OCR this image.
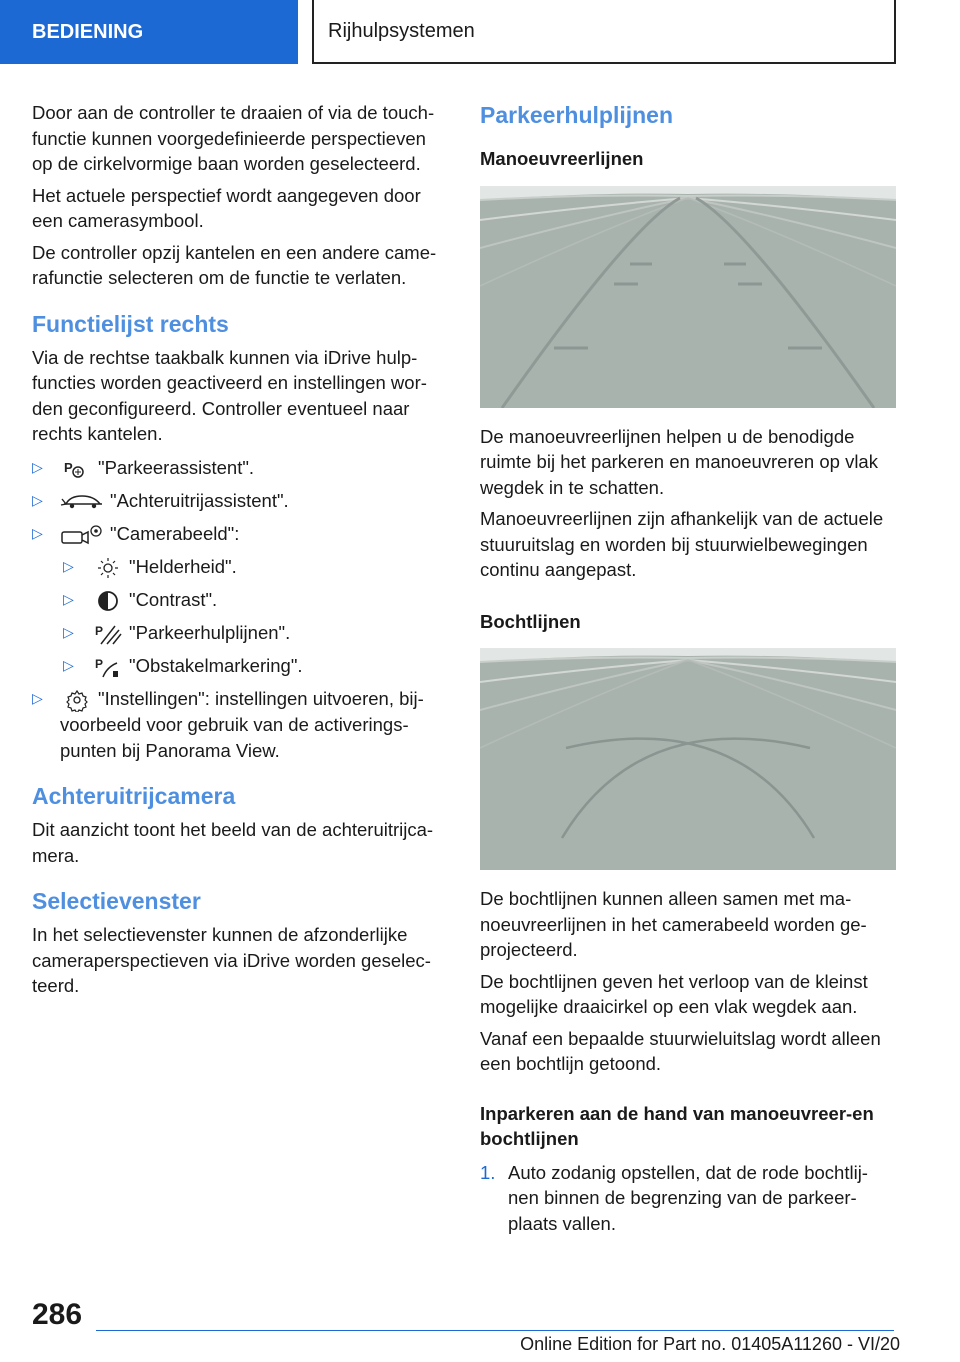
BEDIENING	Rijhulpsystemen

Door aan de controller te draaien of via de touch-functie kunnen voorgedefinieerde perspectieven op de cirkelvormige baan worden geselecteerd.

Het actuele perspectief wordt aangegeven door een camerasymbool.

De controller opzij kantelen en een andere came-rafunctie selecteren om de functie te verlaten.

Functielijst rechts

Via de rechtse taakbalk kunnen via iDrive hulp-functies worden geactiveerd en instellingen wor-den geconfigureerd. Controller eventueel naar rechts kantelen.

▷	P "Parkeerassistent".
▷	"Achteruitrijassistent".
▷	"Camerabeeld":
▷	"Helderheid".
▷	"Contrast".
▷	P "Parkeerhulplijnen".
▷	P "Obstakelmarkering".
▷	"Instellingen": instellingen uitvoeren, bij-voorbeeld voor gebruik van de activerings-punten bij Panorama View.
Achteruitrijcamera

Dit aanzicht toont het beeld van de achteruitrijca-mera.

Selectievenster

In het selectievenster kunnen de afzonderlijke cameraperspectieven via iDrive worden geselec-teerd.

Parkeerhulplijnen
Manoeuvreerlijnen

De manoeuvreerlijnen helpen u de benodigde ruimte bij het parkeren en manoeuvreren op vlak wegdek in te schatten.

Manoeuvreerlijnen zijn afhankelijk van de actuele stuuruitslag en worden bij stuurwielbewegingen continu aangepast.

Bochtlijnen

De bochtlijnen kunnen alleen samen met ma-noeuvreerlijnen in het camerabeeld worden ge-projecteerd.

De bochtlijnen geven het verloop van de kleinst mogelijke draaicirkel op een vlak wegdek aan.

Vanaf een bepaalde stuurwieluitslag wordt alleen een bochtlijn getoond.

Inparkeren aan de hand van manoeuvreer-en bochtlijnen
1. Auto zodanig opstellen, dat de rode bochtlij-nen binnen de begrenzing van de parkeer-plaats vallen.
286
Online Edition for Part no. 01405A11260 - VI/20
